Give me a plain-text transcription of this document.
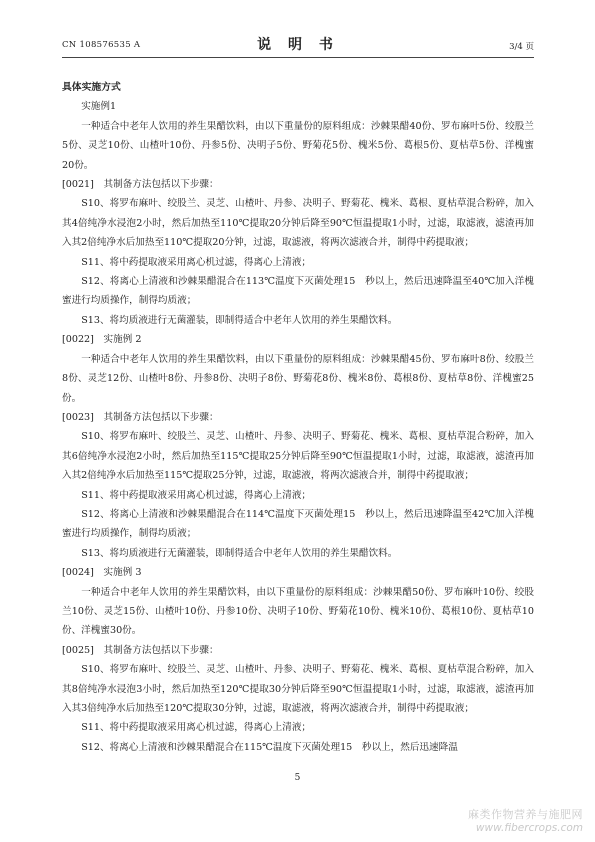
CN 108576535 A	说 明 书	3/4 页

具体实施方式

实施例1

一种适合中老年人饮用的养生果醋饮料，由以下重量份的原料组成：沙棘果醋40份、罗布麻叶5份、绞股兰5份、灵芝10份、山楂叶10份、丹参5份、决明子5份、野菊花5份、槐米5份、葛根5份、夏枯草5份、洋槐蜜20份。

[0021]　其制备方法包括以下步骤：

S10、将罗布麻叶、绞股兰、灵芝、山楂叶、丹参、决明子、野菊花、槐米、葛根、夏枯草混合粉碎，加入其4倍纯净水浸泡2小时，然后加热至110℃提取20分钟后降至90℃恒温提取1小时，过滤，取滤液，滤渣再加入其2倍纯净水后加热至110℃提取20分钟，过滤，取滤液，将两次滤液合并，制得中药提取液；

S11、将中药提取液采用离心机过滤，得离心上清液；

S12、将离心上清液和沙棘果醋混合在113℃温度下灭菌处理15　秒以上，然后迅速降温至40℃加入洋槐蜜进行均质操作，制得均质液；

S13、将均质液进行无菌灌装，即制得适合中老年人饮用的养生果醋饮料。

[0022]　实施例 2

一种适合中老年人饮用的养生果醋饮料，由以下重量份的原料组成：沙棘果醋45份、罗布麻叶8份、绞股兰8份、灵芝12份、山楂叶8份、丹参8份、决明子8份、野菊花8份、槐米8份、葛根8份、夏枯草8份、洋槐蜜25份。

[0023]　其制备方法包括以下步骤：

S10、将罗布麻叶、绞股兰、灵芝、山楂叶、丹参、决明子、野菊花、槐米、葛根、夏枯草混合粉碎，加入其6倍纯净水浸泡2小时，然后加热至115℃提取25分钟后降至90℃恒温提取1小时，过滤，取滤液，滤渣再加入其2倍纯净水后加热至115℃提取25分钟，过滤，取滤液，将两次滤液合并，制得中药提取液；

S11、将中药提取液采用离心机过滤，得离心上清液；

S12、将离心上清液和沙棘果醋混合在114℃温度下灭菌处理15　秒以上，然后迅速降温至42℃加入洋槐蜜进行均质操作，制得均质液；

S13、将均质液进行无菌灌装，即制得适合中老年人饮用的养生果醋饮料。

[0024]　实施例 3

一种适合中老年人饮用的养生果醋饮料，由以下重量份的原料组成：沙棘果醋50份、罗布麻叶10份、绞股兰10份、灵芝15份、山楂叶10份、丹参10份、决明子10份、野菊花10份、槐米10份、葛根10份、夏枯草10份、洋槐蜜30份。

[0025]　其制备方法包括以下步骤：

S10、将罗布麻叶、绞股兰、灵芝、山楂叶、丹参、决明子、野菊花、槐米、葛根、夏枯草混合粉碎，加入其8倍纯净水浸泡3小时，然后加热至120℃提取30分钟后降至90℃恒温提取1小时，过滤，取滤液，滤渣再加入其3倍纯净水后加热至120℃提取30分钟，过滤，取滤液，将两次滤液合并，制得中药提取液；

S11、将中药提取液采用离心机过滤，得离心上清液；

S12、将离心上清液和沙棘果醋混合在115℃温度下灭菌处理15　秒以上，然后迅速降温

5
麻类作物营养与施肥网
www.fibercrops.com
